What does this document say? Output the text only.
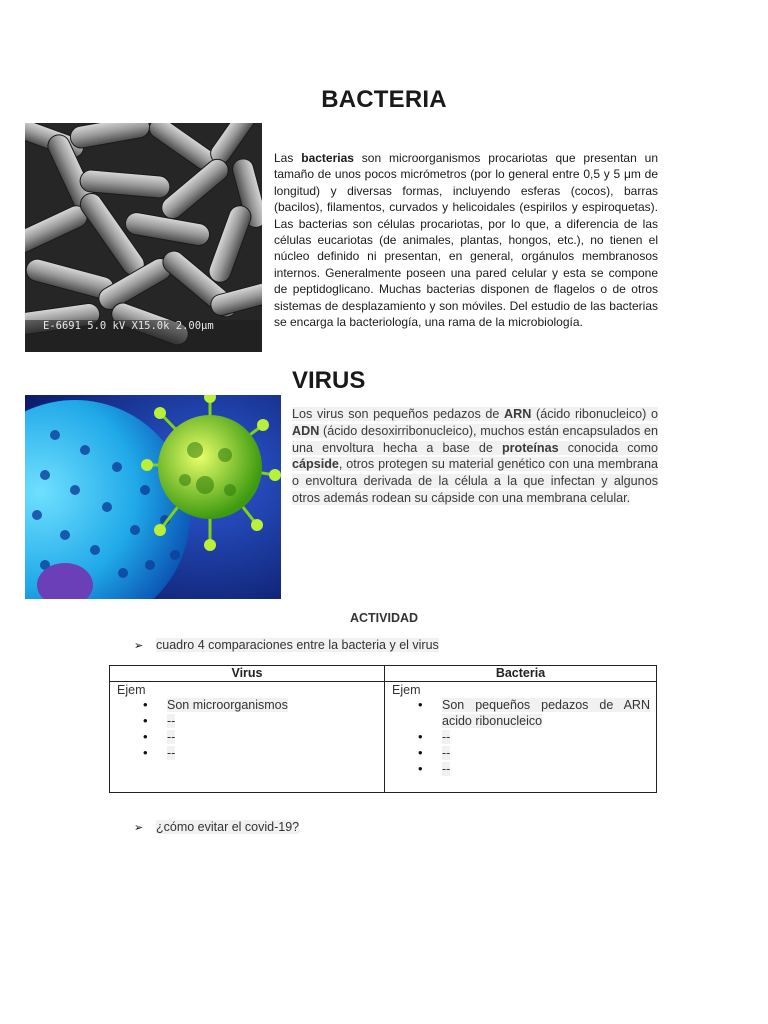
BACTERIA
E-6691 5.0 kV X15.0k 2.00μm
Las bacterias son microorganismos procariotas que presentan un tamaño de unos pocos micrómetros (por lo general entre 0,5 y 5 μm de longitud) y diversas formas, incluyendo esferas (cocos), barras (bacilos), filamentos, curvados y helicoidales (espirilos y espiroquetas). Las bacterias son células procariotas, por lo que, a diferencia de las células eucariotas (de animales, plantas, hongos, etc.), no tienen el núcleo definido ni presentan, en general, orgánulos membranosos internos. Generalmente poseen una pared celular y esta se compone de peptidoglicano. Muchas bacterias disponen de flagelos o de otros sistemas de desplazamiento y son móviles. Del estudio de las bacterias se encarga la bacteriología, una rama de la microbiología.
VIRUS
Los virus son pequeños pedazos de ARN (ácido ribonucleico) o ADN (ácido desoxirribonucleico), muchos están encapsulados en una envoltura hecha a base de proteínas conocida como cápside, otros protegen su material genético con una membrana o envoltura derivada de la célula a la que infectan y algunos otros además rodean su cápside con una membrana celular.
ACTIVIDAD
➢ cuadro 4 comparaciones entre la bacteria y el virus
Virus
Ejem
• Son microorganismos
• --
• --
• --
Bacteria
Ejem
• Son pequeños pedazos de ARN acido ribonucleico
• --
• --
• --
➢ ¿cómo evitar el covid-19?
